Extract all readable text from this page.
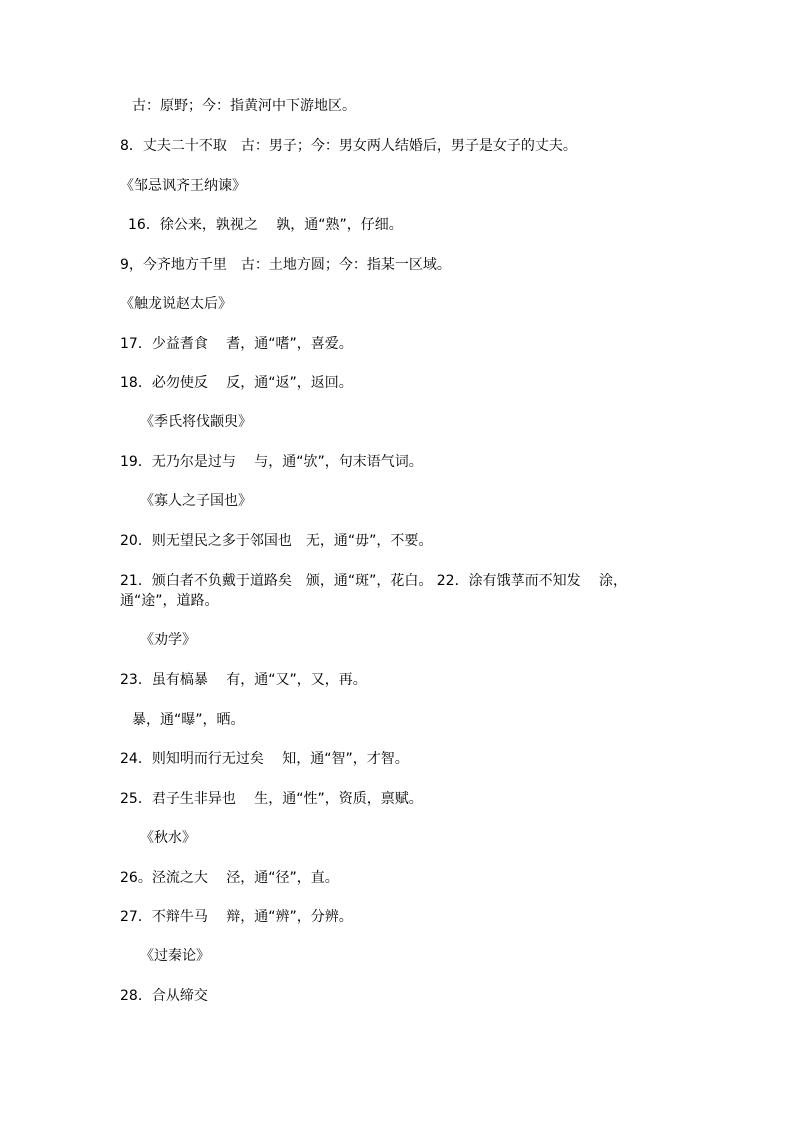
古：原野；今：指黄河中下游地区。
8．丈夫二十不取　古：男子；今：男女两人结婚后，男子是女子的丈夫。
《邹忌讽齐王纳谏》
16．徐公来，孰视之　 孰，通“熟”，仔细。
9，今齐地方千里　古：土地方圆；今：指某一区域。
《触龙说赵太后》
17．少益耆食　 耆，通“嗜”，喜爱。
18．必勿使反　 反，通“返”，返回。
《季氏将伐颛臾》
19．无乃尔是过与　 与，通“欤”，句末语气词。
《寡人之子国也》
20．则无望民之多于邻国也　无，通“毋”，不要。
21．颁白者不负戴于道路矣　颁，通“斑”，花白。 22．涂有饿莩而不知发　 涂，通“途”，道路。
《劝学》
23．虽有槁暴　 有，通“又”，又，再。
暴，通“曝”，晒。
24．则知明而行无过矣　 知，通“智”，才智。
25．君子生非异也　 生，通“性”，资质，禀赋。
《秋水》
26。泾流之大　 泾，通“径”，直。
27．不辩牛马　 辩，通“辨”，分辨。
《过秦论》
28．合从缔交
